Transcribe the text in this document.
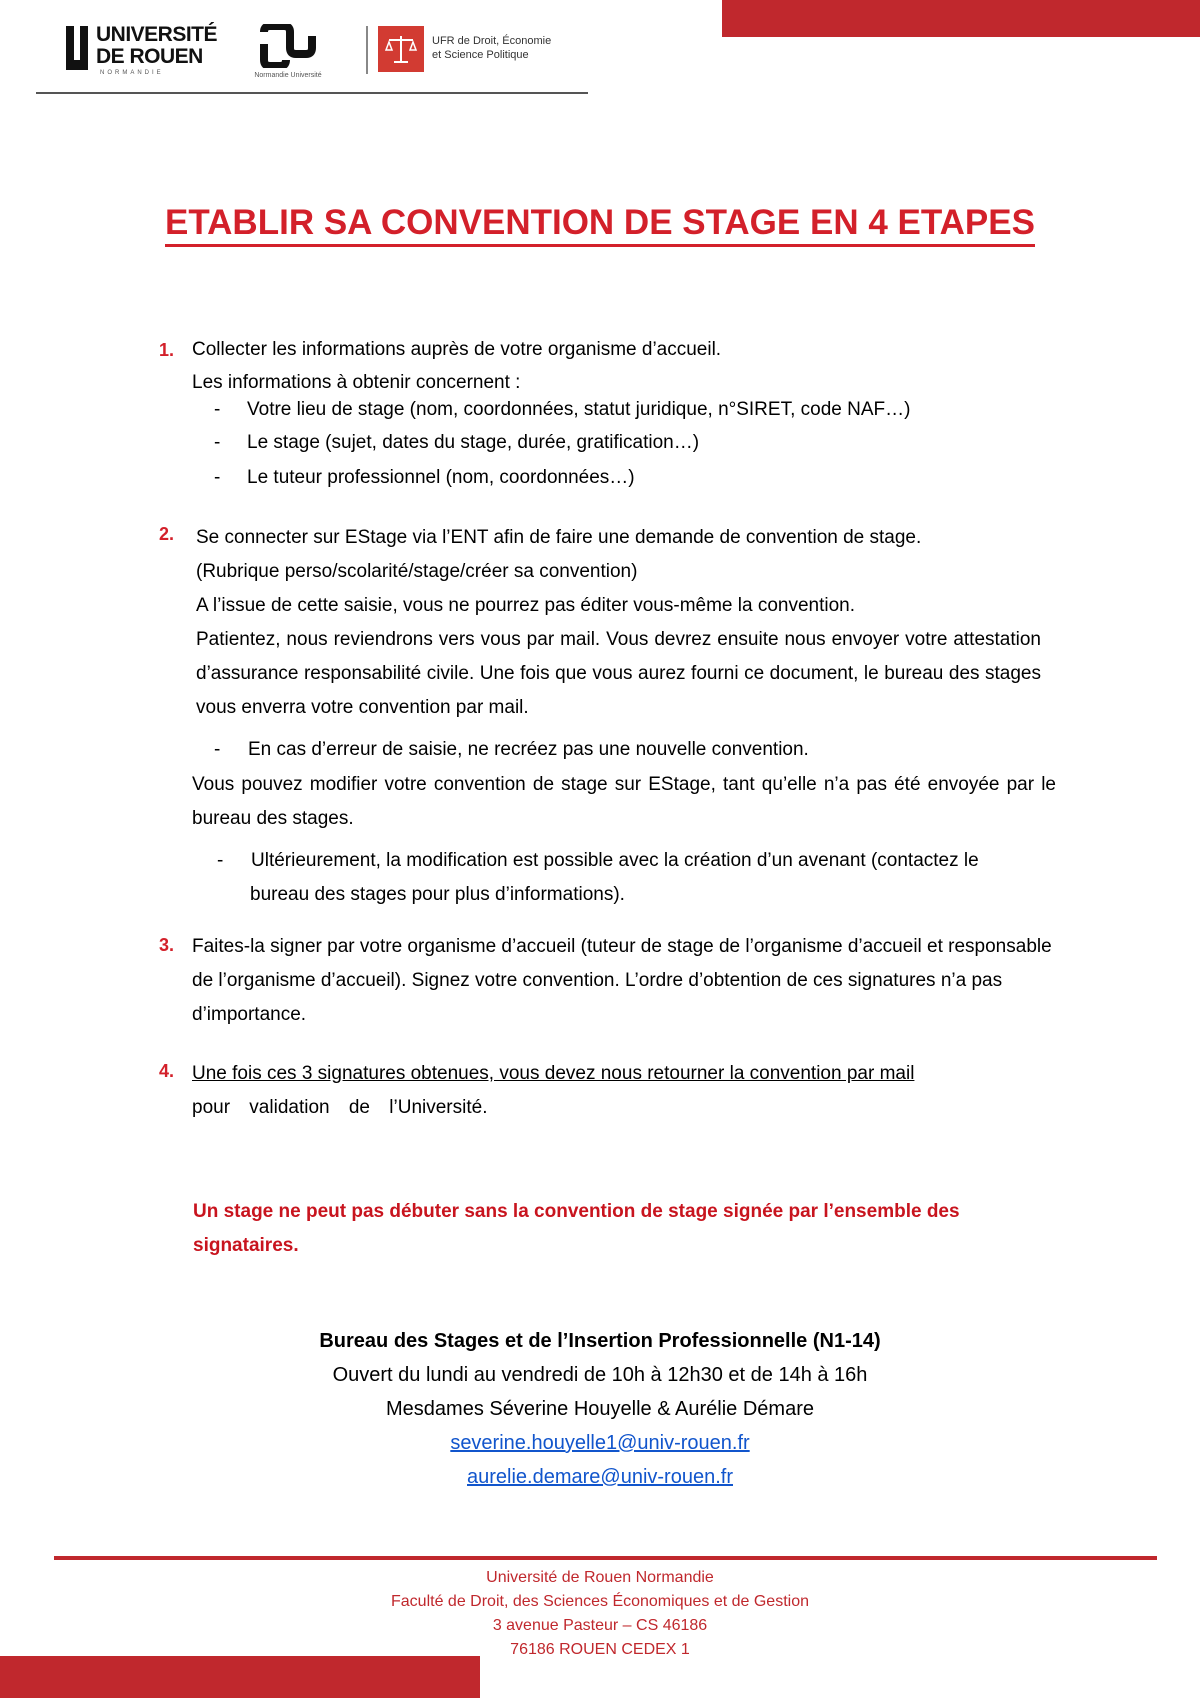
UNIVERSITÉ
DE ROUEN
NORMANDIE	Normandie Université
UFR de Droit, Économie
et Science Politique
ETABLIR SA CONVENTION DE STAGE EN 4 ETAPES
1. Collecter les informations auprès de votre organisme d’accueil.
Les informations à obtenir concernent :
- Votre lieu de stage (nom, coordonnées, statut juridique, n°SIRET, code NAF…)
- Le stage (sujet, dates du stage, durée, gratification…)
- Le tuteur professionnel (nom, coordonnées…)
2. Se connecter sur EStage via l’ENT afin de faire une demande de convention de stage.
(Rubrique perso/scolarité/stage/créer sa convention)
A l’issue de cette saisie, vous ne pourrez pas éditer vous-même la convention.
Patientez, nous reviendrons vers vous par mail. Vous devrez ensuite nous envoyer votre attestation d’assurance responsabilité civile. Une fois que vous aurez fourni ce document, le bureau des stages vous enverra votre convention par mail.
- En cas d’erreur de saisie, ne recréez pas une nouvelle convention.
Vous pouvez modifier votre convention de stage sur EStage, tant qu’elle n’a pas été envoyée par le bureau des stages.
- Ultérieurement, la modification est possible avec la création d’un avenant (contactez le bureau des stages pour plus d’informations).
3. Faites-la signer par votre organisme d’accueil (tuteur de stage de l’organisme d’accueil et responsable de l’organisme d’accueil). Signez votre convention. L’ordre d’obtention de ces signatures n’a pas d’importance.
4. Une fois ces 3 signatures obtenues, vous devez nous retourner la convention par mail
pour validation de l’Université.
Un stage ne peut pas débuter sans la convention de stage signée par l’ensemble des signataires.
Bureau des Stages et de l’Insertion Professionnelle (N1-14)
Ouvert du lundi au vendredi de 10h à 12h30 et de 14h à 16h
Mesdames Séverine Houyelle & Aurélie Démare
severine.houyelle1@univ-rouen.fr
aurelie.demare@univ-rouen.fr
Université de Rouen Normandie
Faculté de Droit, des Sciences Économiques et de Gestion
3 avenue Pasteur – CS 46186
76186 ROUEN CEDEX 1
